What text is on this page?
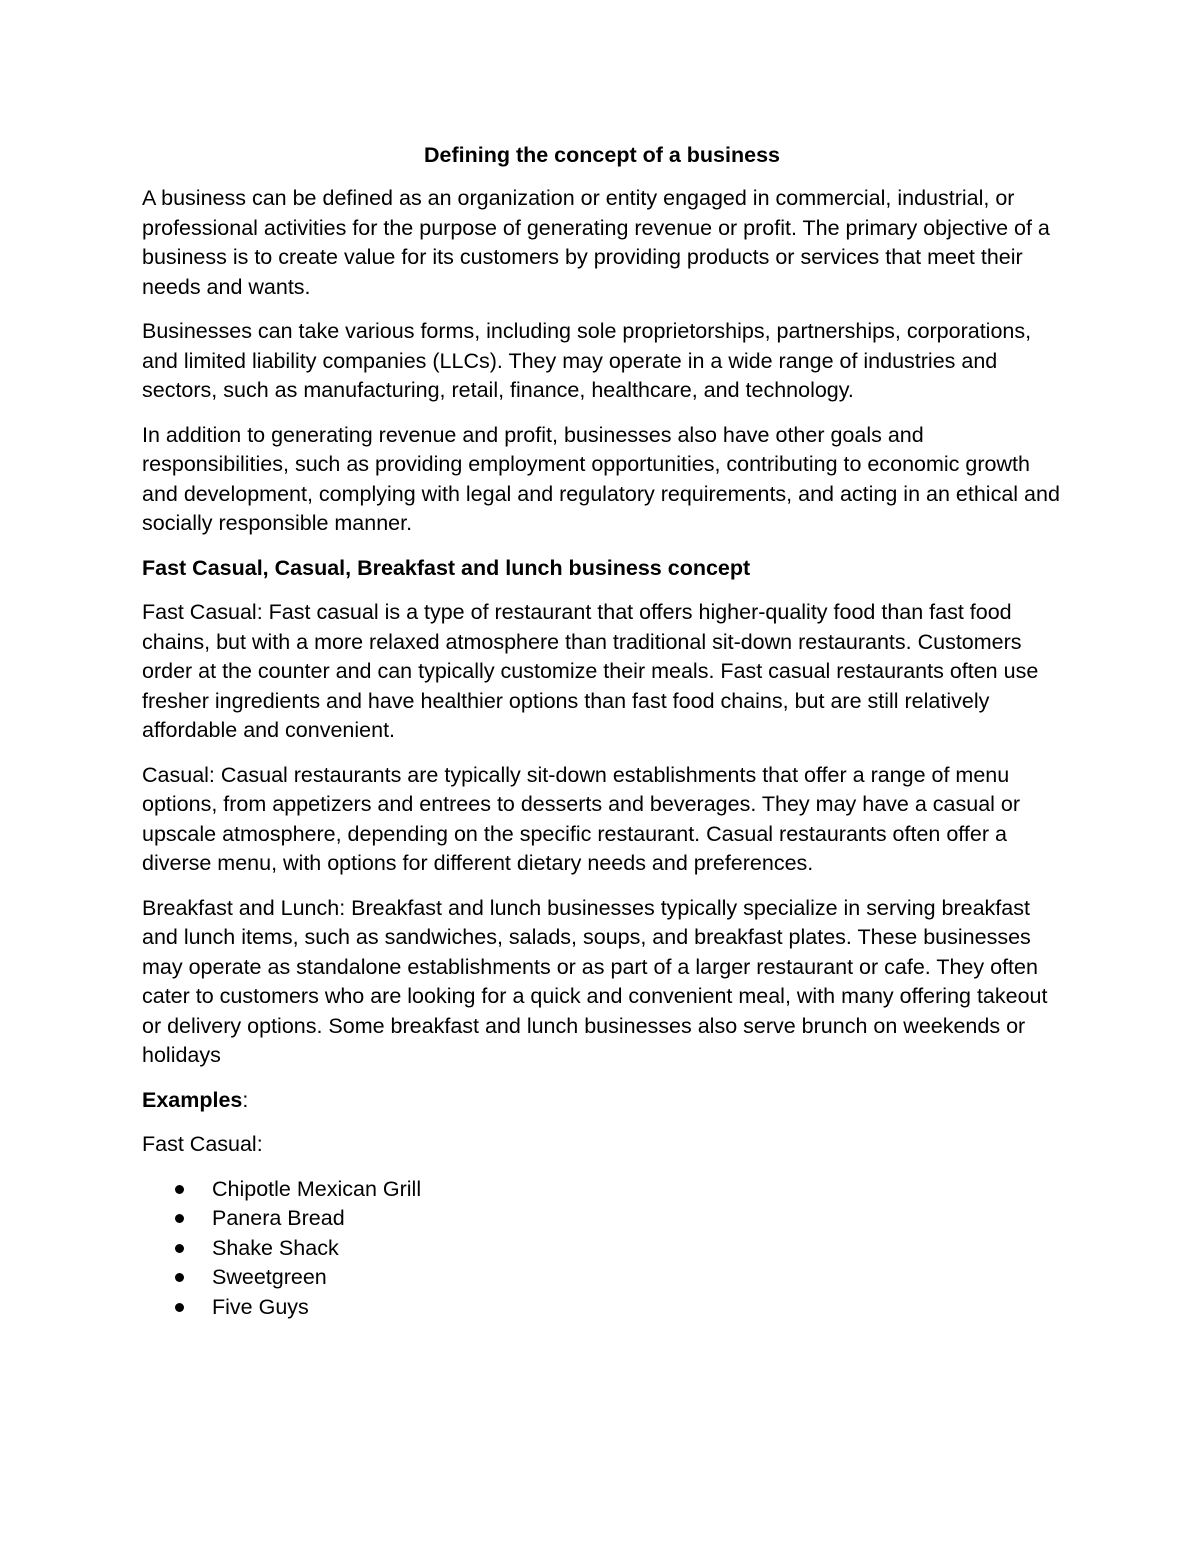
Defining the concept of a business

A business can be defined as an organization or entity engaged in commercial, industrial, or professional activities for the purpose of generating revenue or profit. The primary objective of a business is to create value for its customers by providing products or services that meet their needs and wants.

Businesses can take various forms, including sole proprietorships, partnerships, corporations, and limited liability companies (LLCs). They may operate in a wide range of industries and sectors, such as manufacturing, retail, finance, healthcare, and technology.

In addition to generating revenue and profit, businesses also have other goals and responsibilities, such as providing employment opportunities, contributing to economic growth and development, complying with legal and regulatory requirements, and acting in an ethical and socially responsible manner.

Fast Casual, Casual, Breakfast and lunch business concept

Fast Casual: Fast casual is a type of restaurant that offers higher-quality food than fast food chains, but with a more relaxed atmosphere than traditional sit-down restaurants. Customers order at the counter and can typically customize their meals. Fast casual restaurants often use fresher ingredients and have healthier options than fast food chains, but are still relatively affordable and convenient.

Casual: Casual restaurants are typically sit-down establishments that offer a range of menu options, from appetizers and entrees to desserts and beverages. They may have a casual or upscale atmosphere, depending on the specific restaurant. Casual restaurants often offer a diverse menu, with options for different dietary needs and preferences.

Breakfast and Lunch: Breakfast and lunch businesses typically specialize in serving breakfast and lunch items, such as sandwiches, salads, soups, and breakfast plates. These businesses may operate as standalone establishments or as part of a larger restaurant or cafe. They often cater to customers who are looking for a quick and convenient meal, with many offering takeout or delivery options. Some breakfast and lunch businesses also serve brunch on weekends or holidays

Examples:

Fast Casual:

Chipotle Mexican Grill
Panera Bread
Shake Shack
Sweetgreen
Five Guys
